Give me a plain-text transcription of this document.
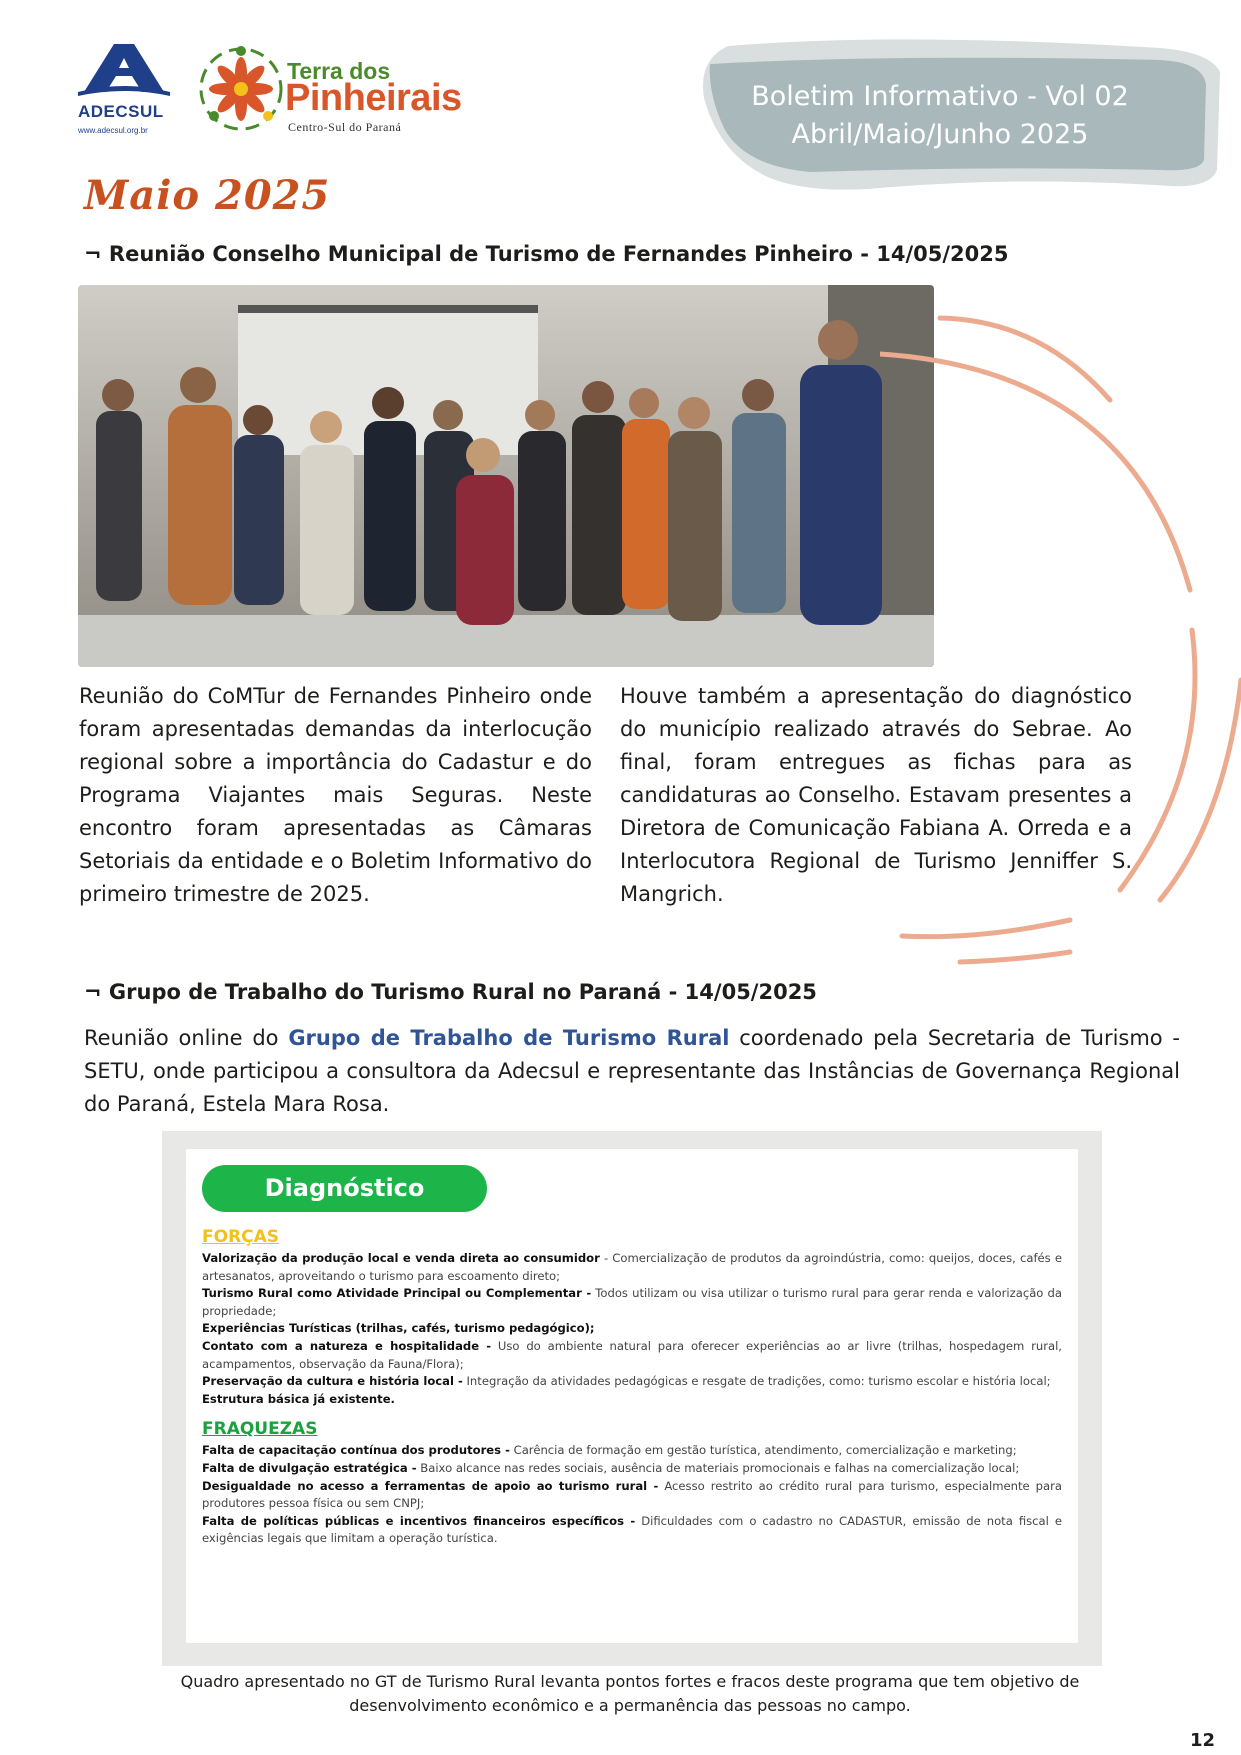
ADECSUL
www.adecsul.org.br
Terra dos
Pinheirais
Centro-Sul do Paraná
Boletim Informativo - Vol 02
Abril/Maio/Junho 2025
Maio 2025
¬ Reunião Conselho Municipal de Turismo de Fernandes Pinheiro - 14/05/2025
Reunião do CoMTur de Fernandes Pinheiro onde foram apresentadas demandas da interlocução regional sobre a importância do Cadastur e do Programa Viajantes mais Seguras. Neste encontro foram apresentadas as Câmaras Setoriais da entidade e o Boletim Informativo do primeiro trimestre de 2025.
Houve também a apresentação do diagnóstico do município realizado através do Sebrae. Ao final, foram entregues as fichas para as candidaturas ao Conselho. Estavam presentes a Diretora de Comunicação Fabiana A. Orreda e a Interlocutora Regional de Turismo Jenniffer S. Mangrich.
¬ Grupo de Trabalho do Turismo Rural no Paraná - 14/05/2025
Reunião online do Grupo de Trabalho de Turismo Rural coordenado pela Secretaria de Turismo - SETU, onde participou a consultora da Adecsul e representante das Instâncias de Governança Regional do Paraná, Estela Mara Rosa.
Diagnóstico
FORÇAS
Valorização da produção local e venda direta ao consumidor - Comercialização de produtos da agroindústria, como: queijos, doces, cafés e artesanatos, aproveitando o turismo para escoamento direto;
Turismo Rural como Atividade Principal ou Complementar - Todos utilizam ou visa utilizar o turismo rural para gerar renda e valorização da propriedade;
Experiências Turísticas (trilhas, cafés, turismo pedagógico);
Contato com a natureza e hospitalidade - Uso do ambiente natural para oferecer experiências ao ar livre (trilhas, hospedagem rural, acampamentos, observação da Fauna/Flora);
Preservação da cultura e história local - Integração da atividades pedagógicas e resgate de tradições, como: turismo escolar e história local;
Estrutura básica já existente.
FRAQUEZAS
Falta de capacitação contínua dos produtores - Carência de formação em gestão turística, atendimento, comercialização e marketing;
Falta de divulgação estratégica - Baixo alcance nas redes sociais, ausência de materiais promocionais e falhas na comercialização local;
Desigualdade no acesso a ferramentas de apoio ao turismo rural - Acesso restrito ao crédito rural para turismo, especialmente para produtores pessoa física ou sem CNPJ;
Falta de políticas públicas e incentivos financeiros específicos - Dificuldades com o cadastro no CADASTUR, emissão de nota fiscal e exigências legais que limitam a operação turística.
Quadro apresentado no GT de Turismo Rural levanta pontos fortes e fracos deste programa que tem objetivo de desenvolvimento econômico e a permanência das pessoas no campo.
12
